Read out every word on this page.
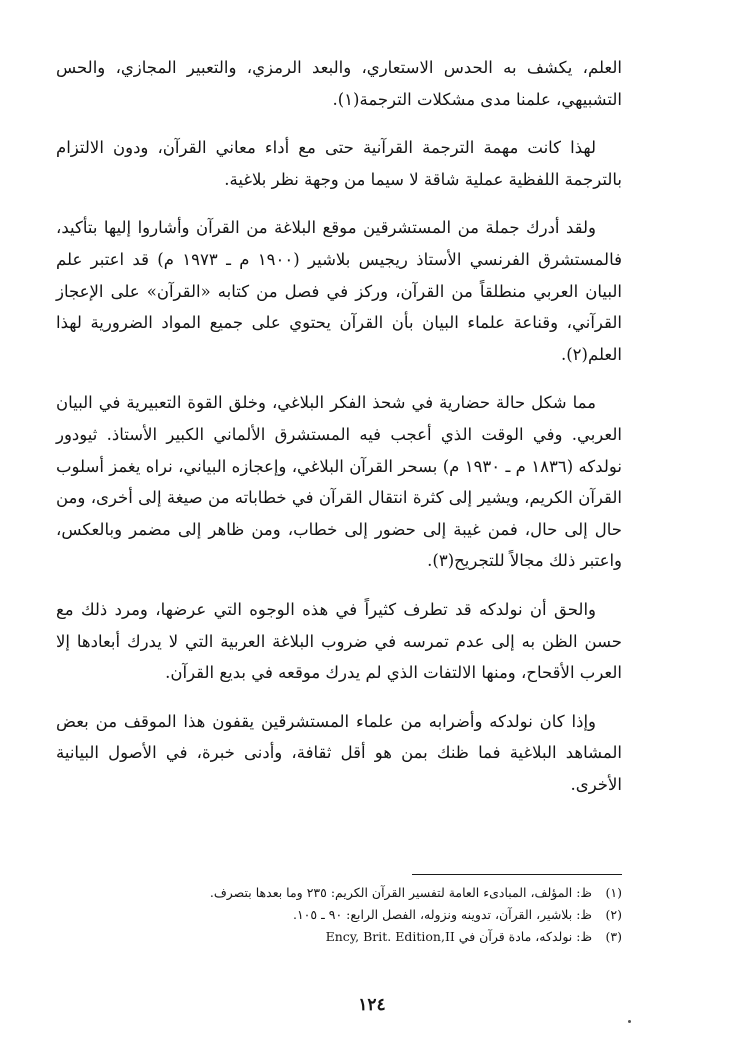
العلم، يكشف به الحدس الاستعاري، والبعد الرمزي، والتعبير المجازي، والحس التشبيهي، علمنا مدى مشكلات الترجمة(١).

لهذا كانت مهمة الترجمة القرآنية حتى مع أداء معاني القرآن، ودون الالتزام بالترجمة اللفظية عملية شاقة لا سيما من وجهة نظر بلاغية.

ولقد أدرك جملة من المستشرقين موقع البلاغة من القرآن وأشاروا إليها بتأكيد، فالمستشرق الفرنسي الأستاذ ريجيس بلاشير (١٩٠٠ م ـ ١٩٧٣ م) قد اعتبر علم البيان العربي منطلقاً من القرآن، وركز في فصل من كتابه «القرآن» على الإعجاز القرآني، وقناعة علماء البيان بأن القرآن يحتوي على جميع المواد الضرورية لهذا العلم(٢).

مما شكل حالة حضارية في شحذ الفكر البلاغي، وخلق القوة التعبيرية في البيان العربي. وفي الوقت الذي أعجب فيه المستشرق الألماني الكبير الأستاذ. ثيودور نولدكه (١٨٣٦ م ـ ١٩٣٠ م) بسحر القرآن البلاغي، وإعجازه البياني، نراه يغمز أسلوب القرآن الكريم، ويشير إلى كثرة انتقال القرآن في خطاباته من صيغة إلى أخرى، ومن حال إلى حال، فمن غيبة إلى حضور إلى خطاب، ومن ظاهر إلى مضمر وبالعكس، واعتبر ذلك مجالاً للتجريح(٣).

والحق أن نولدكه قد تطرف كثيراً في هذه الوجوه التي عرضها، ومرد ذلك مع حسن الظن به إلى عدم تمرسه في ضروب البلاغة العربية التي لا يدرك أبعادها إلا العرب الأقحاح، ومنها الالتفات الذي لم يدرك موقعه في بديع القرآن.

وإذا كان نولدكه وأضرابه من علماء المستشرقين يقفون هذا الموقف من بعض المشاهد البلاغية فما ظنك بمن هو أقل ثقافة، وأدنى خبرة، في الأصول البيانية الأخرى.

(١)
ظ: المؤلف، المبادىء العامة لتفسير القرآن الكريم: ٢٣٥ وما بعدها بتصرف.
(٢)
ظ: بلاشير، القرآن، تدوينه ونزوله، الفصل الرابع: ٩٠ ـ ١٠٥.
(٣)
ظ: نولدكه، مادة قرآن في Ency, Brit. Edition,II
١٢٤
